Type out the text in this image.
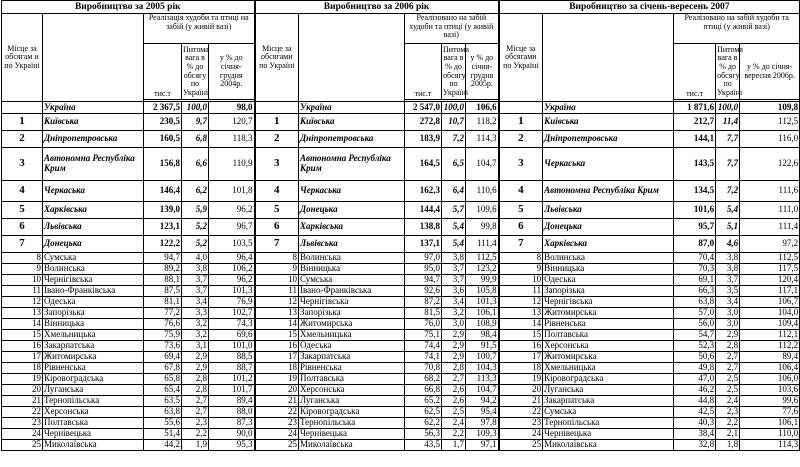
Виробництво за 2005 рік					Виробництво за 2006 рік					Виробництво за січень-вересень 2007				
Місце за обсягам и по Україні		Реалізація худоби та птиці на забій (у живій вазі)			Місце за обсягами по Україні		Реалізовано на забій худоби та птиці (у живій вазі)			Місце за обсягами по Україні		Реалізовано на забій худоби та птиці (у живій вазі)		
		тис.т	Питома вага в % до обсягу по Україні	у % до січня-грудня 2004р.			тис.т	Питома вага в % до обсягу по Україні	у % до січня-грудня 2005р.			тис.т	Питома вага в % до обсягу по Україні	у % до січня-вересня 2006р.

	Україна	2 367,5	100,0	98,0		Україна	2 547,0	100,0	106,6		Україна	1 871,6	100,0	109,8
1	Київська	230,5	9,7	120,7	1	Київська	272,8	10,7	118,2	1	Київська	212,7	11,4	112,5
2	Дніпропетровська	160,5	6,8	118,3	2	Дніпропетровська	183,9	7,2	114,3	2	Дніпропетровська	144,1	7,7	116,0
3	Автономна Республіка Крим	156,8	6,6	110,9	3	Автономна Республіка Крим	164,5	6,5	104,7	3	Черкаська	143,5	7,7	122,6
4	Черкаська	146,4	6,2	101,8	4	Черкаська	162,3	6,4	110,6	4	Автономна Республіка Крим	134,5	7,2	111,6
5	Харківська	139,0	5,9	96,2	5	Донецька	144,4	5,7	109,6	5	Львівська	101,6	5,4	111,0
6	Львівська	123,1	5,2	96,7	6	Харківська	138,8	5,4	99,8	6	Донецька	95,7	5,1	111,4
7	Донецька	122,2	5,2	103,5	7	Львівська	137,1	5,4	111,4	7	Харківська	87,0	4,6	97,2
8	Сумська	94,7	4,0	96,4	8	Волинська	97,0	3,8	112,5	8	Волинська	70,4	3,8	112,5
9	Волинська	89,2	3,8	106,2	9	Вінницька	95,0	3,7	123,2	9	Вінницька	70,3	3,8	117,5
10	Чернігівська	88,1	3,7	96,2	10	Сумська	94,7	3,7	99,9	10	Одеська	69,1	3,7	120,4
11	Івано-Франківська	87,5	3,7	101,3	11	Івано-Франківська	92,6	3,6	105,8	11	Запорізька	66,3	3,5	117,1
12	Одеська	81,1	3,4	76,9	12	Чернігівська	87,2	3,4	101,3	12	Чернігівська	63,8	3,4	106,7
13	Запорізька	77,2	3,3	102,7	13	Запорізька	81,5	3,2	106,1	13	Житомирська	57,0	3,0	104,0
14	Вінницька	76,6	3,2	74,3	14	Житомирська	76,0	3,0	108,9	14	Рівненська	56,0	3,0	109,4
15	Хмельницька	75,9	3,2	69,6	15	Хмельницька	75,1	2,9	98,4	15	Полтавська	54,7	2,9	112,1
16	Закарпатська	73,6	3,1	101,0	16	Одеська	74,4	2,9	91,5	16	Херсонська	52,3	2,8	112,2
17	Житомирська	69,4	2,9	88,5	17	Закарпатська	74,1	2,9	100,7	17	Житомирська	50,6	2,7	89,4
18	Рівненська	67,8	2,9	88,7	18	Рівненська	70,8	2,8	104,3	18	Хмельницька	49,8	2,7	106,4
19	Кіровоградська	65,8	2,8	101,2	19	Полтавська	68,2	2,7	113,3	19	Кіровоградська	47,0	2,5	106,0
20	Луганська	65,4	2,8	101,7	20	Херсонська	66,8	2,6	104,7	20	Луганська	46,2	2,5	103,6
21	Тернопільська	63,5	2,7	89,4	21	Луганська	65,2	2,6	94,2	21	Закарпатська	44,8	2,4	99,6
22	Херсонська	63,8	2,7	88,0	22	Кіровоградська	62,5	2,5	95,4	22	Сумська	42,5	2,3	77,6
23	Полтавська	55,6	2,3	87,3	23	Тернопільська	62,2	2,4	97,8	23	Тернопільська	40,3	2,2	106,1
24	Чернівецька	51,4	2,2	90,0	24	Чернівецька	56,3	2,2	109,3	24	Чернівецька	38,4	2,1	110,0
25	Миколаївська	44,2	1,9	95,3	25	Миколаївська	43,5	1,7	97,1	25	Миколаївська	32,8	1,8	114,3
